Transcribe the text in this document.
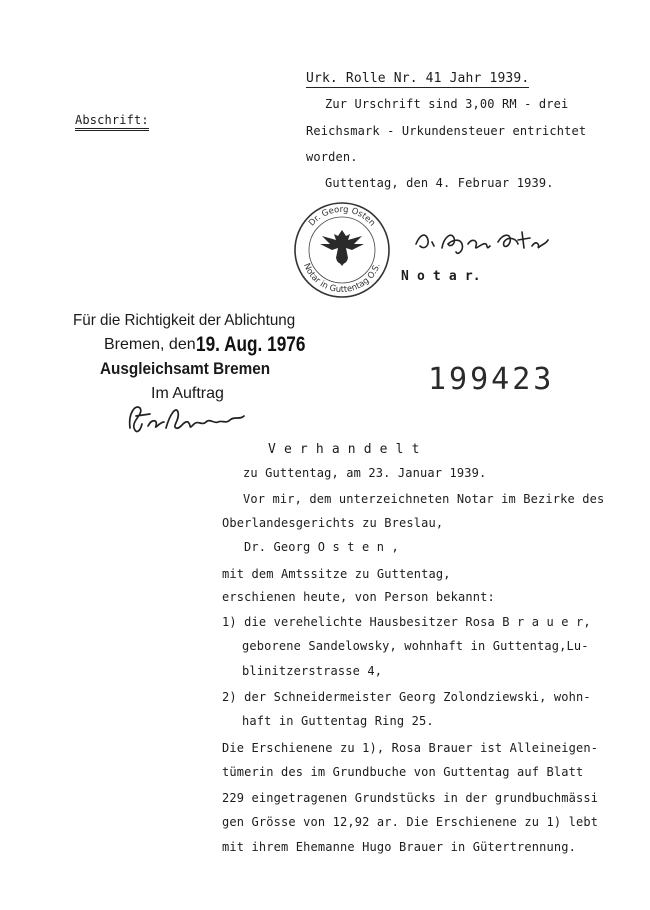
Urk. Rolle Nr. 41 Jahr 1939.
Abschrift:
Zur Urschrift sind 3,00 RM - drei
Reichsmark - Urkundensteuer entrichtet
worden.
Guttentag, den 4. Februar 1939.
Dr. Georg Osten
Notar in Guttentag O.S.
N o t a r.
Für die Richtigkeit der Ablichtung
Bremen, den 19. Aug. 1976
Ausgleichsamt Bremen
Im Auftrag	199423
V e r h a n d e l t
zu Guttentag, am 23. Januar 1939.
Vor mir, dem unterzeichneten Notar im Bezirke des
Oberlandesgerichts zu Breslau,
Dr. Georg O s t e n ,
mit dem Amtssitze zu Guttentag,
erschienen heute, von Person bekannt:
1) die verehelichte Hausbesitzer Rosa B r a u e r,
geborene Sandelowsky, wohnhaft in Guttentag,Lu-
blinitzerstrasse 4,
2) der Schneidermeister Georg Zolondziewski, wohn-
haft in Guttentag Ring 25.
Die Erschienene zu 1), Rosa Brauer ist Alleineigen-
tümerin des im Grundbuche von Guttentag auf Blatt
229 eingetragenen Grundstücks in der grundbuchmässi
gen Grösse von 12,92 ar. Die Erschienene zu 1) lebt
mit ihrem Ehemanne Hugo Brauer in Gütertrennung.
